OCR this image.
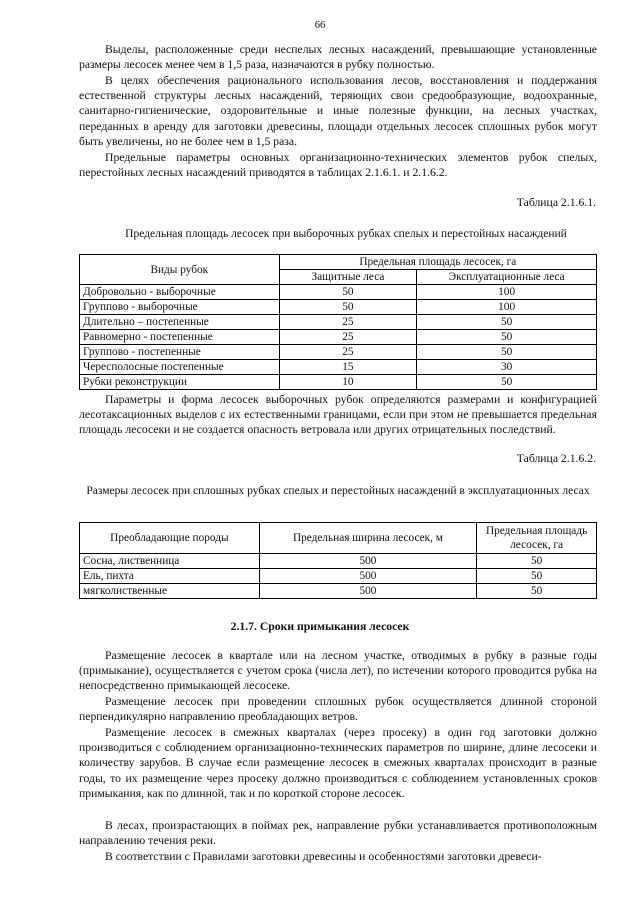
66

Выделы, расположенные среди неспелых лесных насаждений, превышающие установленные размеры лесосек менее чем в 1,5 раза, назначаются в рубку полностью.

В целях обеспечения рационального использования лесов, восстановления и поддержания естественной структуры лесных насаждений, теряющих свои средообразующие, водоохранные, санитарно-гигиенические, оздоровительные и иные полезные функции, на лесных участках, переданных в аренду для заготовки древесины, площади отдельных лесосек сплошных рубок могут быть увеличены, но не более чем в 1,5 раза.

Предельные параметры основных организационно-технических элементов рубок спелых, перестойных лесных насаждений приводятся в таблицах 2.1.6.1. и 2.1.6.2.

Таблица 2.1.6.1.
Предельная площадь лесосек при выборочных рубках спелых и перестойных насаждений
Виды рубок	Предельная площадь лесосек, га	
	Защитные леса	Эксплуатационные леса
Добровольно - выборочные	50	100
Группово - выборочные	50	100
Длительно – постепенные	25	50
Равномерно - постепенные	25	50
Группово - постепенные	25	50
Чересполосные постепенные	15	30
Рубки реконструкции	10	50

Параметры и форма лесосек выборочных рубок определяются размерами и конфигурацией лесотаксационных выделов с их естественными границами, если при этом не превышается предельная площадь лесосеки и не создается опасность ветровала или других отрицательных последствий.

Таблица 2.1.6.2.
Размеры лесосек при сплошных рубках спелых и перестойных насаждений в эксплуатационных лесах
Преобладающие породы	Предельная ширина лесосек, м	Предельная площадь лесосек, га
Сосна, лиственница	500	50
Ель, пихта	500	50
мягколиственные	500	50
2.1.7. Сроки примыкания лесосек

Размещение лесосек в квартале или на лесном участке, отводимых в рубку в разные годы (примыкание), осуществляется с учетом срока (числа лет), по истечении которого проводится рубка на непосредственно примыкающей лесосеке.

Размещение лесосек при проведении сплошных рубок осуществляется длинной стороной перпендикулярно направлению преобладающих ветров.

Размещение лесосек в смежных кварталах (через просеку) в один год заготовки должно производиться с соблюдением организационно-технических параметров по ширине, длине лесосеки и количеству зарубов. В случае если размещение лесосек в смежных кварталах происходит в разные годы, то их размещение через просеку должно производиться с соблюдением установленных сроков примыкания, как по длинной, так и по короткой стороне лесосек.

В лесах, произрастающих в поймах рек, направление рубки устанавливается противоположным направлению течения реки.

В соответствии с Правилами заготовки древесины и особенностями заготовки древеси-
